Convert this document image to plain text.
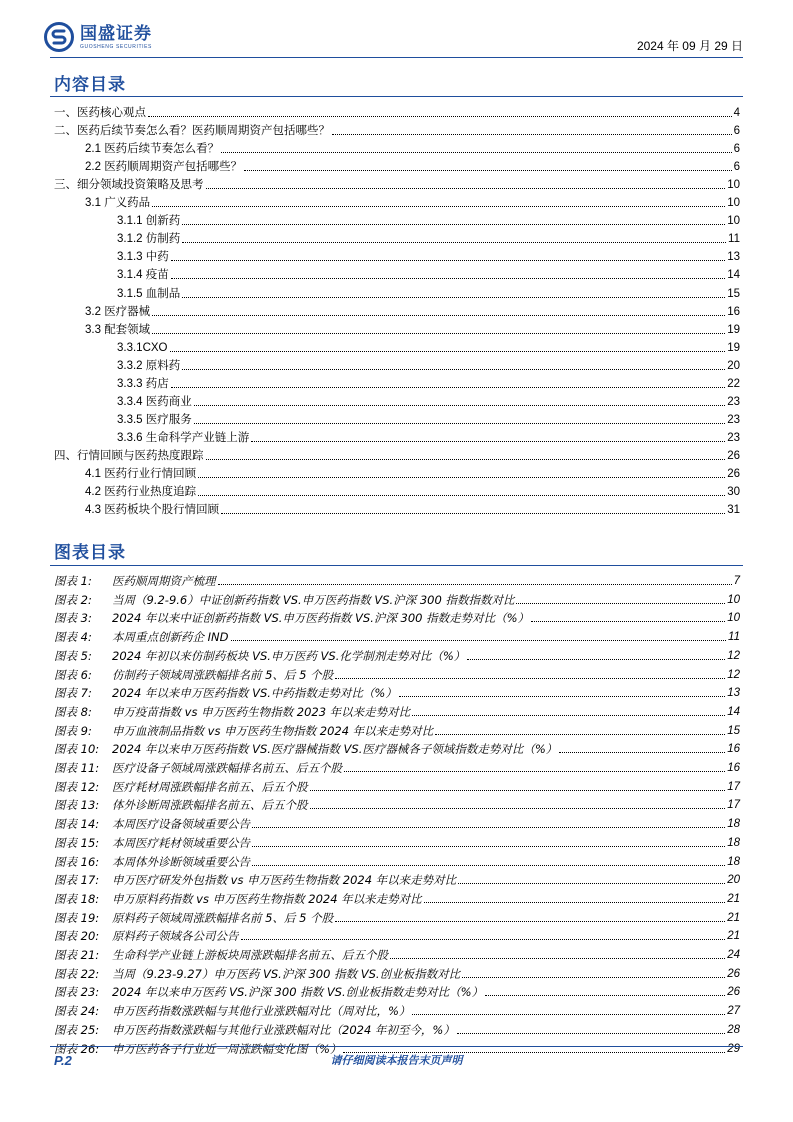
国盛证券
GUOSHENG SECURITIES	2024 年 09 月 29 日
内容目录
一、医药核心观点	4
二、医药后续节奏怎么看？医药顺周期资产包括哪些？	6
2.1 医药后续节奏怎么看？	6
2.2 医药顺周期资产包括哪些？	6
三、细分领域投资策略及思考	10
3.1 广义药品	10
3.1.1 创新药	10
3.1.2 仿制药	11
3.1.3 中药	13
3.1.4 疫苗	14
3.1.5 血制品	15
3.2 医疗器械	16
3.3 配套领域	19
3.3.1CXO	19
3.3.2 原料药	20
3.3.3 药店	22
3.3.4 医药商业	23
3.3.5 医疗服务	23
3.3.6 生命科学产业链上游	23
四、行情回顾与医药热度跟踪	26
4.1 医药行业行情回顾	26
4.2 医药行业热度追踪	30
4.3 医药板块个股行情回顾	31
图表目录
图表 1: 医药顺周期资产梳理	7
图表 2: 当周（9.2-9.6）中证创新药指数 VS.申万医药指数 VS.沪深 300 指数指数对比	10
图表 3: 2024 年以来中证创新药指数 VS.申万医药指数 VS.沪深 300 指数走势对比（%）	10
图表 4: 本周重点创新药企 IND	11
图表 5: 2024 年初以来仿制药板块 VS.申万医药 VS.化学制剂走势对比（%）	12
图表 6: 仿制药子领域周涨跌幅排名前 5、后 5 个股	12
图表 7: 2024 年以来申万医药指数 VS.中药指数走势对比（%）	13
图表 8: 申万疫苗指数 vs 申万医药生物指数 2023 年以来走势对比	14
图表 9: 申万血液制品指数 vs 申万医药生物指数 2024 年以来走势对比	15
图表 10: 2024 年以来申万医药指数 VS.医疗器械指数 VS.医疗器械各子领域指数走势对比（%）	16
图表 11: 医疗设备子领域周涨跌幅排名前五、后五个股	16
图表 12: 医疗耗材周涨跌幅排名前五、后五个股	17
图表 13: 体外诊断周涨跌幅排名前五、后五个股	17
图表 14: 本周医疗设备领域重要公告	18
图表 15: 本周医疗耗材领域重要公告	18
图表 16: 本周体外诊断领域重要公告	18
图表 17: 申万医疗研发外包指数 vs 申万医药生物指数 2024 年以来走势对比	20
图表 18: 申万原料药指数 vs 申万医药生物指数 2024 年以来走势对比	21
图表 19: 原料药子领域周涨跌幅排名前 5、后 5 个股	21
图表 20: 原料药子领域各公司公告	21
图表 21: 生命科学产业链上游板块周涨跌幅排名前五、后五个股	24
图表 22: 当周（9.23-9.27）申万医药 VS.沪深 300 指数 VS.创业板指数对比	26
图表 23: 2024 年以来申万医药 VS.沪深 300 指数 VS.创业板指数走势对比（%）	26
图表 24: 申万医药指数涨跌幅与其他行业涨跌幅对比（周对比，%）	27
图表 25: 申万医药指数涨跌幅与其他行业涨跌幅对比（2024 年初至今，%）	28
图表 26: 申万医药各子行业近一周涨跌幅变化图（%）	29
P.2	请仔细阅读本报告末页声明
